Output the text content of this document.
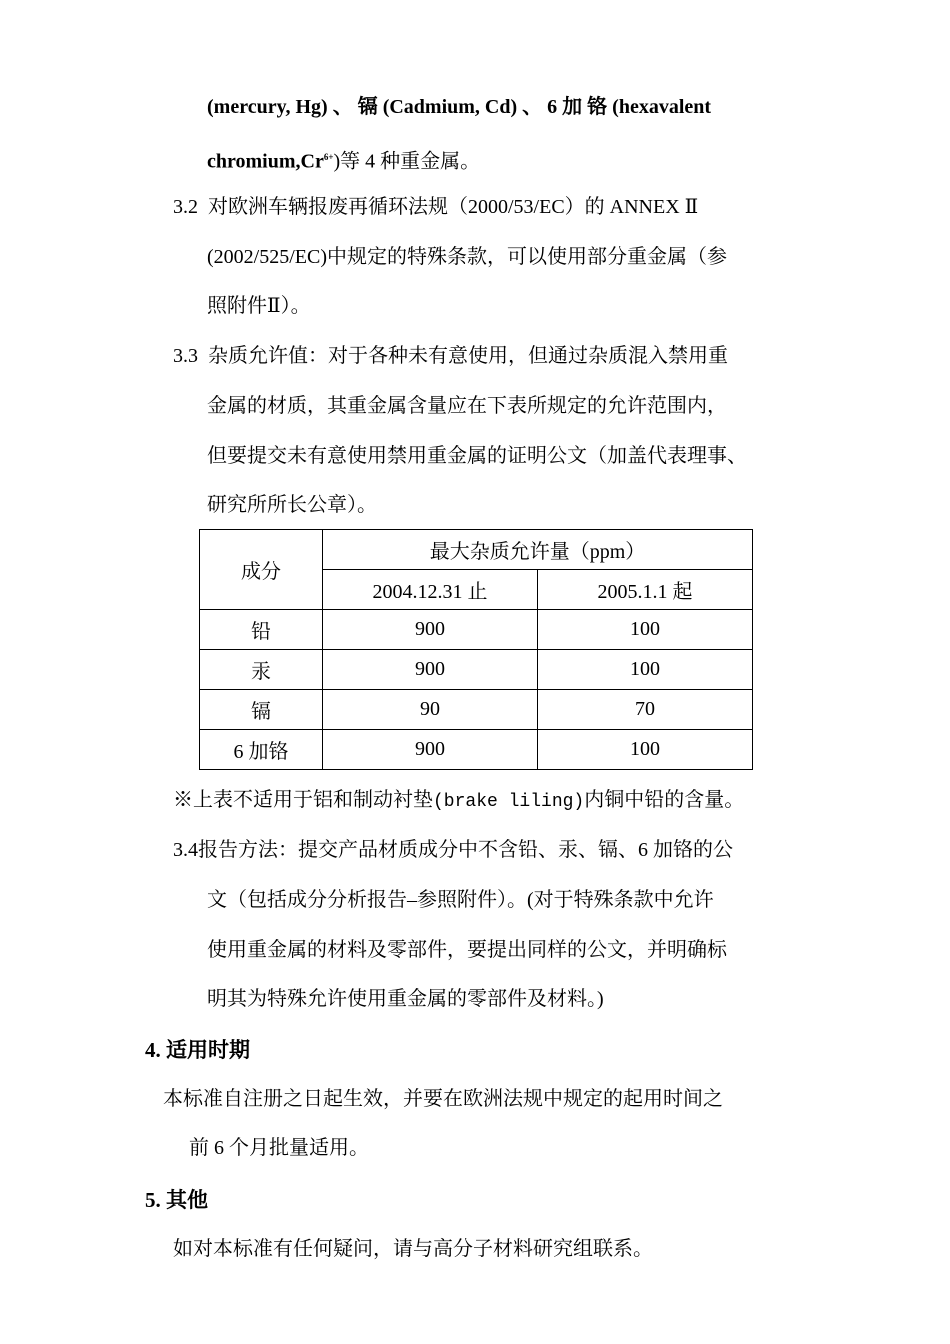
(mercury, Hg) 、 镉 (Cadmium, Cd) 、 6 加 铬 (hexavalent
$chromium,Cr^{6+}$)等 4 种重金属。
3.2 对欧洲车辆报废再循环法规（2000/53/EC）的 ANNEX Ⅱ
(2002/525/EC)中规定的特殊条款，可以使用部分重金属（参
照附件Ⅱ）。
3.3 杂质允许值：对于各种未有意使用，但通过杂质混入禁用重
金属的材质，其重金属含量应在下表所规定的允许范围内，
但要提交未有意使用禁用重金属的证明公文（加盖代表理事、
研究所所长公章）。
成分	最大杂质允许量（ppm）	
	2004.12.31 止	2005.1.1 起
铅	900	100
汞	900	100
镉	90	70
6 加铬	900	100
※上表不适用于铝和制动衬垫(brake liling)内铜中铅的含量。
3.4报告方法：提交产品材质成分中不含铅、汞、镉、6 加铬的公
文（包括成分分析报告–参照附件）。(对于特殊条款中允许
使用重金属的材料及零部件，要提出同样的公文，并明确标
明其为特殊允许使用重金属的零部件及材料。)
4. 适用时期
本标准自注册之日起生效，并要在欧洲法规中规定的起用时间之
前 6 个月批量适用。
5. 其他
如对本标准有任何疑问，请与高分子材料研究组联系。
